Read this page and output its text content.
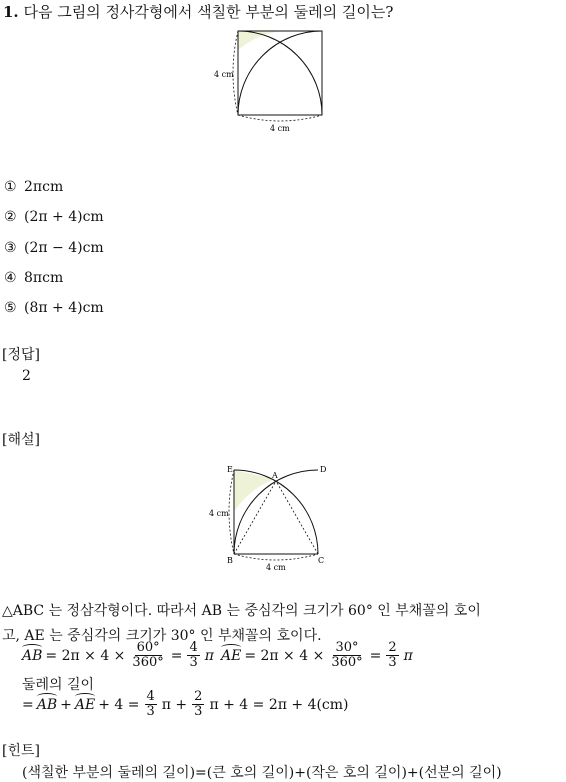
1. 다음 그림의 정사각형에서 색칠한 부분의 둘레의 길이는?
4 cm
4 cm
① 2πcm
② (2π + 4)cm
③ (2π − 4)cm
④ 8πcm
⑤ (8π + 4)cm
[정답]
2
[해설]
E
A
D
B	C
4 cm
4 cm
△ABC 는 정삼각형이다. 따라서 AB 는 중심각의 크기가 60° 인 부채꼴의 호이
고, AE 는 중심각의 크기가 30° 인 부채꼴의 호이다.
AB = $2\pi \times 4 \times \frac{60^\circ}{360^\circ} = \frac{4}{3}$ π AE = $2\pi \times 4 \times \frac{30^\circ}{360^\circ} = \frac{2}{3}$ π
둘레의 길이
= AB + AE + $4 = \frac{4}{3}$ $\pi + \frac{2}{3}$ π + 4 = 2π + 4(cm)
[힌트]
(색칠한 부분의 둘레의 길이)=(큰 호의 길이)+(작은 호의 길이)+(선분의 길이)
